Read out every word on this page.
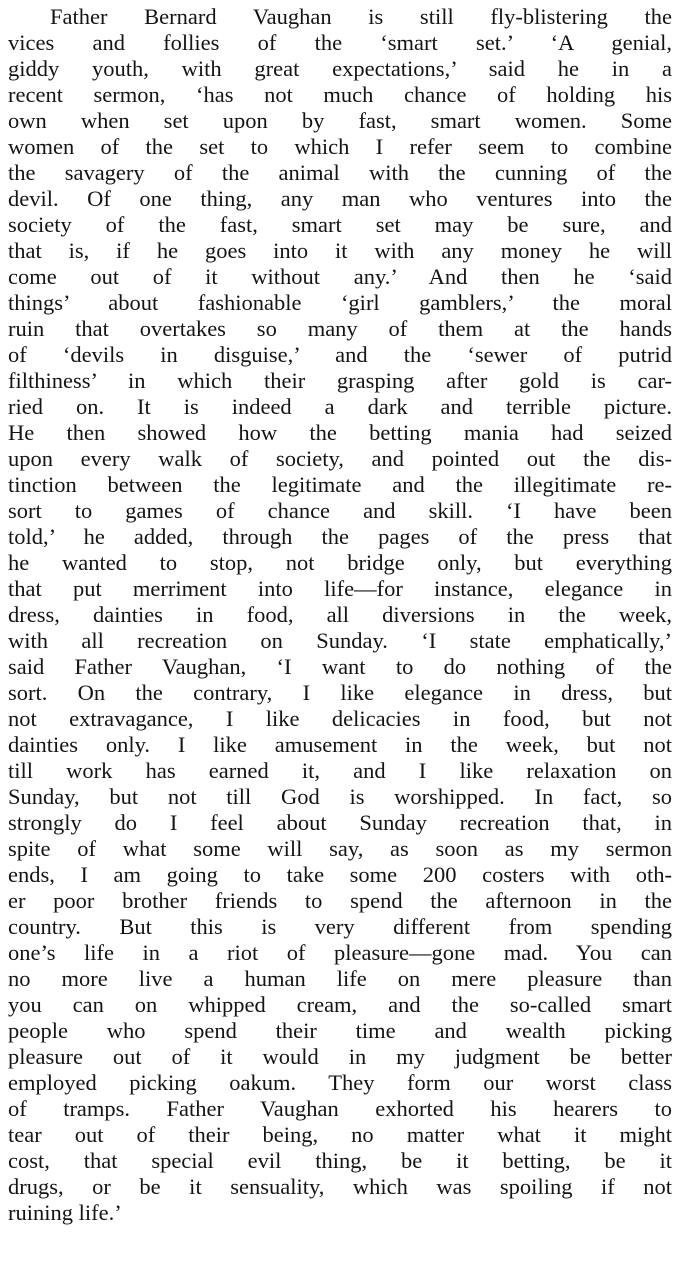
Father Bernard Vaughan is still fly-blistering the
vices and follies of the ‘smart set.’ ‘A genial,
giddy youth, with great expectations,’ said he in a
recent sermon, ‘has not much chance of holding his
own when set upon by fast, smart women. Some
women of the set to which I refer seem to combine
the savagery of the animal with the cunning of the
devil. Of one thing, any man who ventures into the
society of the fast, smart set may be sure, and
that is, if he goes into it with any money he will
come out of it without any.’ And then he ‘said
things’ about fashionable ‘girl gamblers,’ the moral
ruin that overtakes so many of them at the hands
of ‘devils in disguise,’ and the ‘sewer of putrid
filthiness’ in which their grasping after gold is car-
ried on. It is indeed a dark and terrible picture.
He then showed how the betting mania had seized
upon every walk of society, and pointed out the dis-
tinction between the legitimate and the illegitimate re-
sort to games of chance and skill. ‘I have been
told,’ he added, through the pages of the press that
he wanted to stop, not bridge only, but everything
that put merriment into life—for instance, elegance in
dress, dainties in food, all diversions in the week,
with all recreation on Sunday. ‘I state emphatically,’
said Father Vaughan, ‘I want to do nothing of the
sort. On the contrary, I like elegance in dress, but
not extravagance, I like delicacies in food, but not
dainties only. I like amusement in the week, but not
till work has earned it, and I like relaxation on
Sunday, but not till God is worshipped. In fact, so
strongly do I feel about Sunday recreation that, in
spite of what some will say, as soon as my sermon
ends, I am going to take some 200 costers with oth-
er poor brother friends to spend the afternoon in the
country. But this is very different from spending
one’s life in a riot of pleasure—gone mad. You can
no more live a human life on mere pleasure than
you can on whipped cream, and the so-called smart
people who spend their time and wealth picking
pleasure out of it would in my judgment be better
employed picking oakum. They form our worst class
of tramps. Father Vaughan exhorted his hearers to
tear out of their being, no matter what it might
cost, that special evil thing, be it betting, be it
drugs, or be it sensuality, which was spoiling if not
ruining life.’
